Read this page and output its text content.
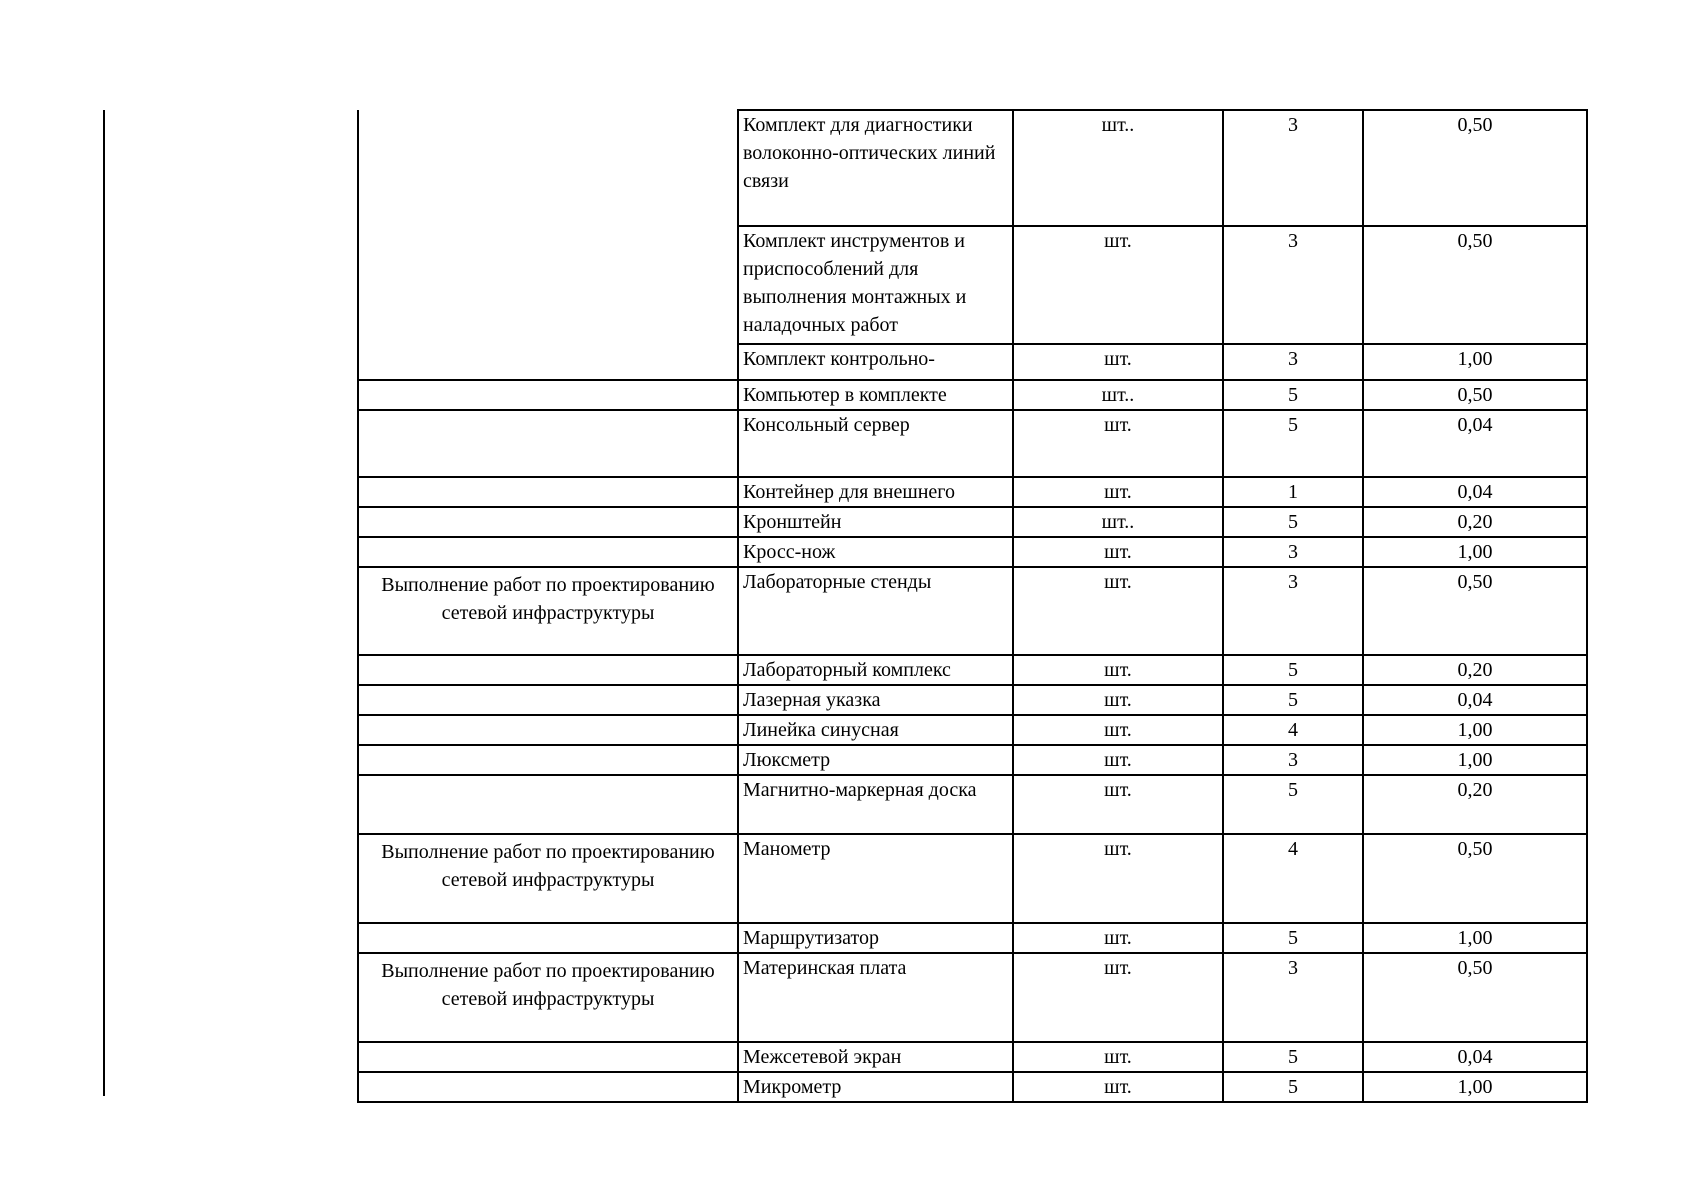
	Комплект для диагностики волоконно-оптических линий связи	шт..	3	0,50
	Комплект инструментов и приспособлений для выполнения монтажных и наладочных работ	шт.	3	0,50
	Комплект контрольно-	шт.	3	1,00
	Компьютер в комплекте	шт..	5	0,50
	Консольный сервер	шт.	5	0,04
	Контейнер для внешнего	шт.	1	0,04
	Кронштейн	шт..	5	0,20
	Кросс-нож	шт.	3	1,00
Выполнение работ по проектированию сетевой инфраструктуры	Лабораторные стенды	шт.	3	0,50
	Лабораторный комплекс	шт.	5	0,20
	Лазерная указка	шт.	5	0,04
	Линейка синусная	шт.	4	1,00
	Люксметр	шт.	3	1,00
	Магнитно-маркерная доска	шт.	5	0,20
Выполнение работ по проектированию сетевой инфраструктуры	Манометр	шт.	4	0,50
	Маршрутизатор	шт.	5	1,00
Выполнение работ по проектированию сетевой инфраструктуры	Материнская плата	шт.	3	0,50
	Межсетевой экран	шт.	5	0,04
	Микрометр	шт.	5	1,00
